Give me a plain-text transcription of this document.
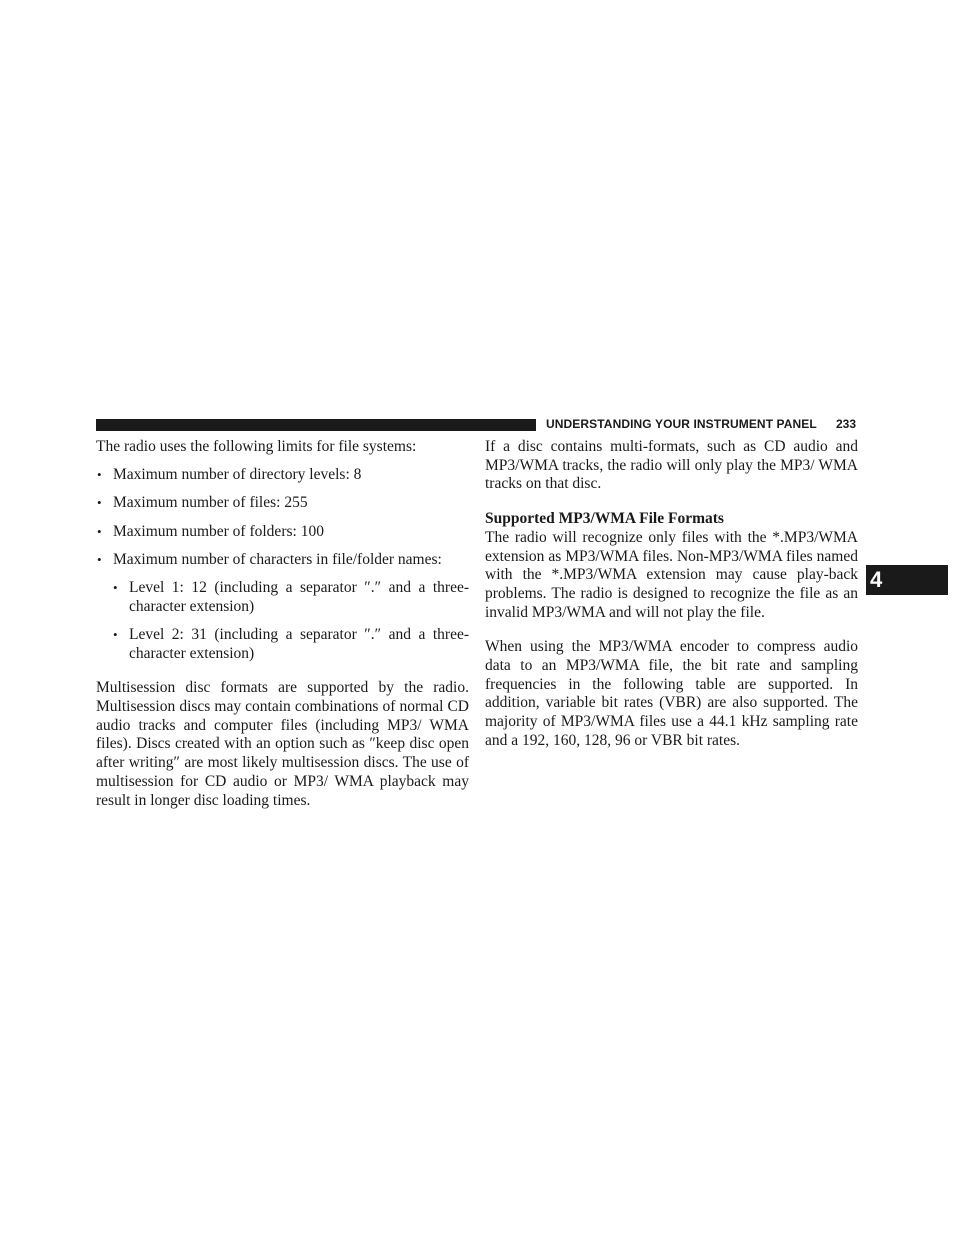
UNDERSTANDING YOUR INSTRUMENT PANEL 233
4

The radio uses the following limits for file systems:

• Maximum number of directory levels: 8
• Maximum number of files: 255
• Maximum number of folders: 100
• Maximum number of characters in file/folder names:
• Level 1: 12 (including a separator ″.″ and a three-character extension)
• Level 2: 31 (including a separator ″.″ and a three-character extension)

Multisession disc formats are supported by the radio. Multisession discs may contain combinations of normal CD audio tracks and computer files (including MP3/ WMA files). Discs created with an option such as ″keep disc open after writing″ are most likely multisession discs. The use of multisession for CD audio or MP3/ WMA playback may result in longer disc loading times.

If a disc contains multi-formats, such as CD audio and MP3/WMA tracks, the radio will only play the MP3/ WMA tracks on that disc.

Supported MP3/WMA File Formats

The radio will recognize only files with the *.MP3/WMA extension as MP3/WMA files. Non-MP3/WMA files named with the *.MP3/WMA extension may cause play-back problems. The radio is designed to recognize the file as an invalid MP3/WMA and will not play the file.

When using the MP3/WMA encoder to compress audio data to an MP3/WMA file, the bit rate and sampling frequencies in the following table are supported. In addition, variable bit rates (VBR) are also supported. The majority of MP3/WMA files use a 44.1 kHz sampling rate and a 192, 160, 128, 96 or VBR bit rates.
